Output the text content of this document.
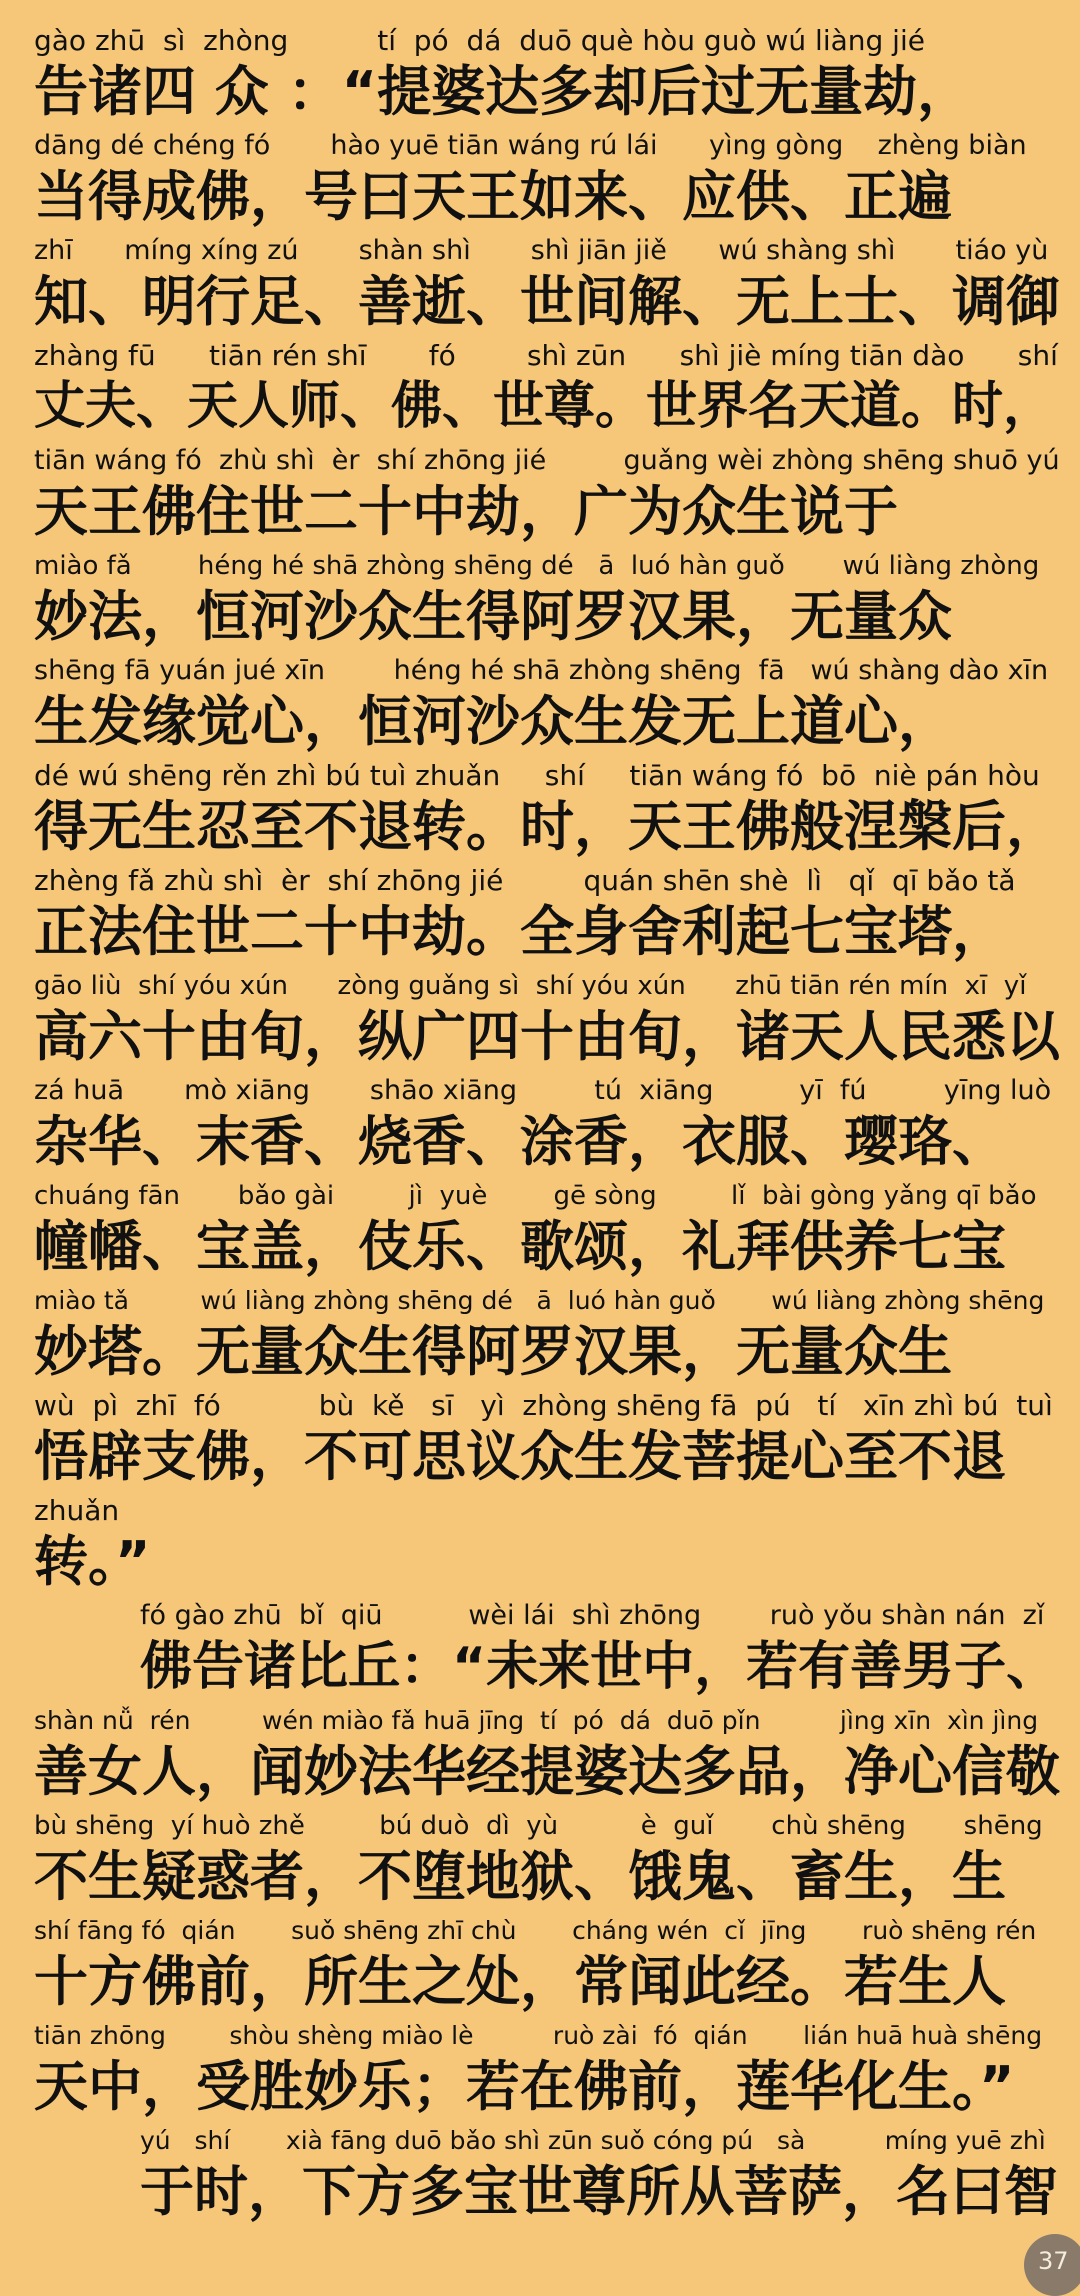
gào zhū  sì  zhòng          tí  pó  dá  duō què hòu guò wú liàng jié
告诸四 众 ：“提婆达多却后过无量劫，
dāng dé chéng fó       hào yuē tiān wáng rú lái      yìng gòng    zhèng biàn
当得成佛，号曰天王如来、应供、正遍
zhī      míng xíng zú       shàn shì       shì jiān jiě      wú shàng shì       tiáo yù
知、明行足、善逝、世间解、无上士、调御
zhàng fū      tiān rén shī       fó        shì zūn      shì jiè míng tiān dào      shí
丈夫、天人师、佛、世尊。世界名天道。时，
tiān wáng fó  zhù shì  èr  shí zhōng jié         guǎng wèi zhòng shēng shuō yú
天王佛住世二十中劫，广为众生说于
miào fǎ        héng hé shā zhòng shēng dé   ā  luó hàn guǒ       wú liàng zhòng
妙法，恒河沙众生得阿罗汉果，无量众
shēng fā yuán jué xīn        héng hé shā zhòng shēng  fā   wú shàng dào xīn
生发缘觉心，恒河沙众生发无上道心，
dé wú shēng rěn zhì bú tuì zhuǎn     shí     tiān wáng fó  bō  niè pán hòu
得无生忍至不退转。时，天王佛般涅槃后，
zhèng fǎ zhù shì  èr  shí zhōng jié         quán shēn shè  lì   qǐ  qī bǎo tǎ
正法住世二十中劫。全身舍利起七宝塔，
gāo liù  shí yóu xún      zòng guǎng sì  shí yóu xún      zhū tiān rén mín  xī  yǐ
高六十由旬，纵广四十由旬，诸天人民悉以
zá huā       mò xiāng       shāo xiāng         tú  xiāng          yī  fú         yīng luò
杂华、末香、烧香、涂香，衣服、璎珞、
chuáng fān       bǎo gài         jì  yuè        gē sòng         lǐ  bài gòng yǎng qī bǎo
幢幡、宝盖，伎乐、歌颂，礼拜供养七宝
miào tǎ         wú liàng zhòng shēng dé   ā  luó hàn guǒ       wú liàng zhòng shēng
妙塔。无量众生得阿罗汉果，无量众生
wù  pì  zhī  fó           bù  kě   sī   yì  zhòng shēng fā  pú   tí   xīn zhì bú  tuì
悟辟支佛，不可思议众生发菩提心至不退
zhuǎn
转。”
fó gào zhū  bǐ  qiū          wèi lái  shì zhōng        ruò yǒu shàn nán  zǐ
佛告诸比丘：“未来世中，若有善男子、
shàn nǚ  rén         wén miào fǎ huā jīng  tí  pó  dá  duō pǐn          jìng xīn  xìn jìng
善女人，闻妙法华经提婆达多品，净心信敬
bù shēng  yí huò zhě         bú duò  dì  yù          è  guǐ       chù shēng       shēng
不生疑惑者，不堕地狱、饿鬼、畜生，生
shí fāng fó  qián       suǒ shēng zhī chù       cháng wén  cǐ  jīng       ruò shēng rén
十方佛前，所生之处，常闻此经。若生人
tiān zhōng        shòu shèng miào lè          ruò zài  fó  qián       lián huā huà shēng
天中，受胜妙乐；若在佛前，莲华化生。”
yú   shí       xià fāng duō bǎo shì zūn suǒ cóng pú   sà          míng yuē zhì
于时，下方多宝世尊所从菩萨，名曰智
37
